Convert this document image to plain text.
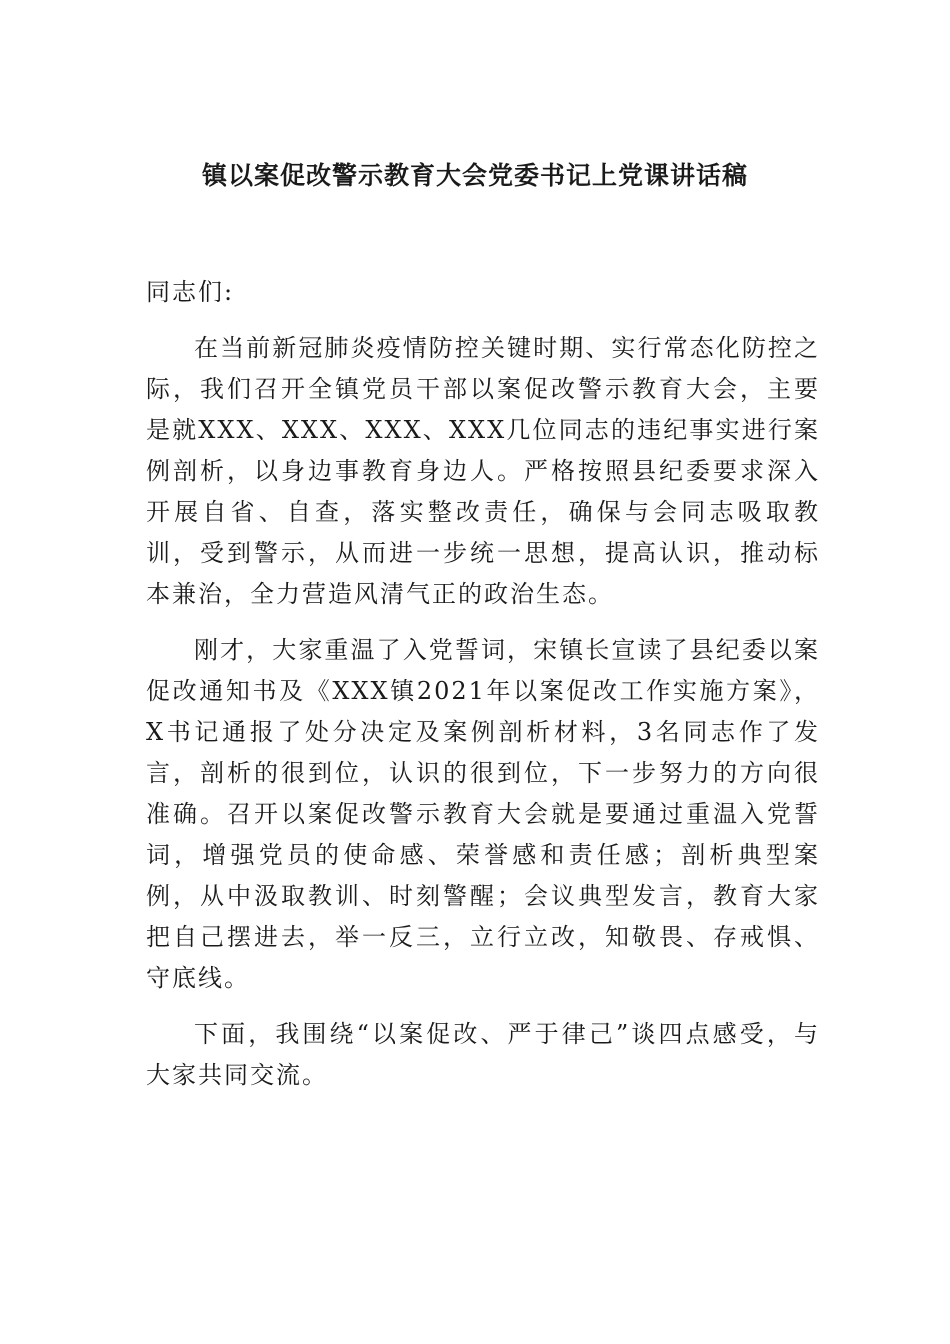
镇以案促改警示教育大会党委书记上党课讲话稿

同志们:

在当前新冠肺炎疫情防控关键时期、实行常态化防控之际，我们召开全镇党员干部以案促改警示教育大会，主要是就XXX、XXX、XXX、XXX几位同志的违纪事实进行案例剖析，以身边事教育身边人。严格按照县纪委要求深入开展自省、自查，落实整改责任，确保与会同志吸取教训，受到警示，从而进一步统一思想，提高认识，推动标本兼治，全力营造风清气正的政治生态。

刚才，大家重温了入党誓词，宋镇长宣读了县纪委以案促改通知书及《XXX镇2021年以案促改工作实施方案》，X书记通报了处分决定及案例剖析材料，3名同志作了发言，剖析的很到位，认识的很到位，下一步努力的方向很准确。召开以案促改警示教育大会就是要通过重温入党誓词，增强党员的使命感、荣誉感和责任感；剖析典型案例，从中汲取教训、时刻警醒；会议典型发言，教育大家把自己摆进去，举一反三，立行立改，知敬畏、存戒惧、守底线。

下面，我围绕“以案促改、严于律己”谈四点感受，与大家共同交流。
